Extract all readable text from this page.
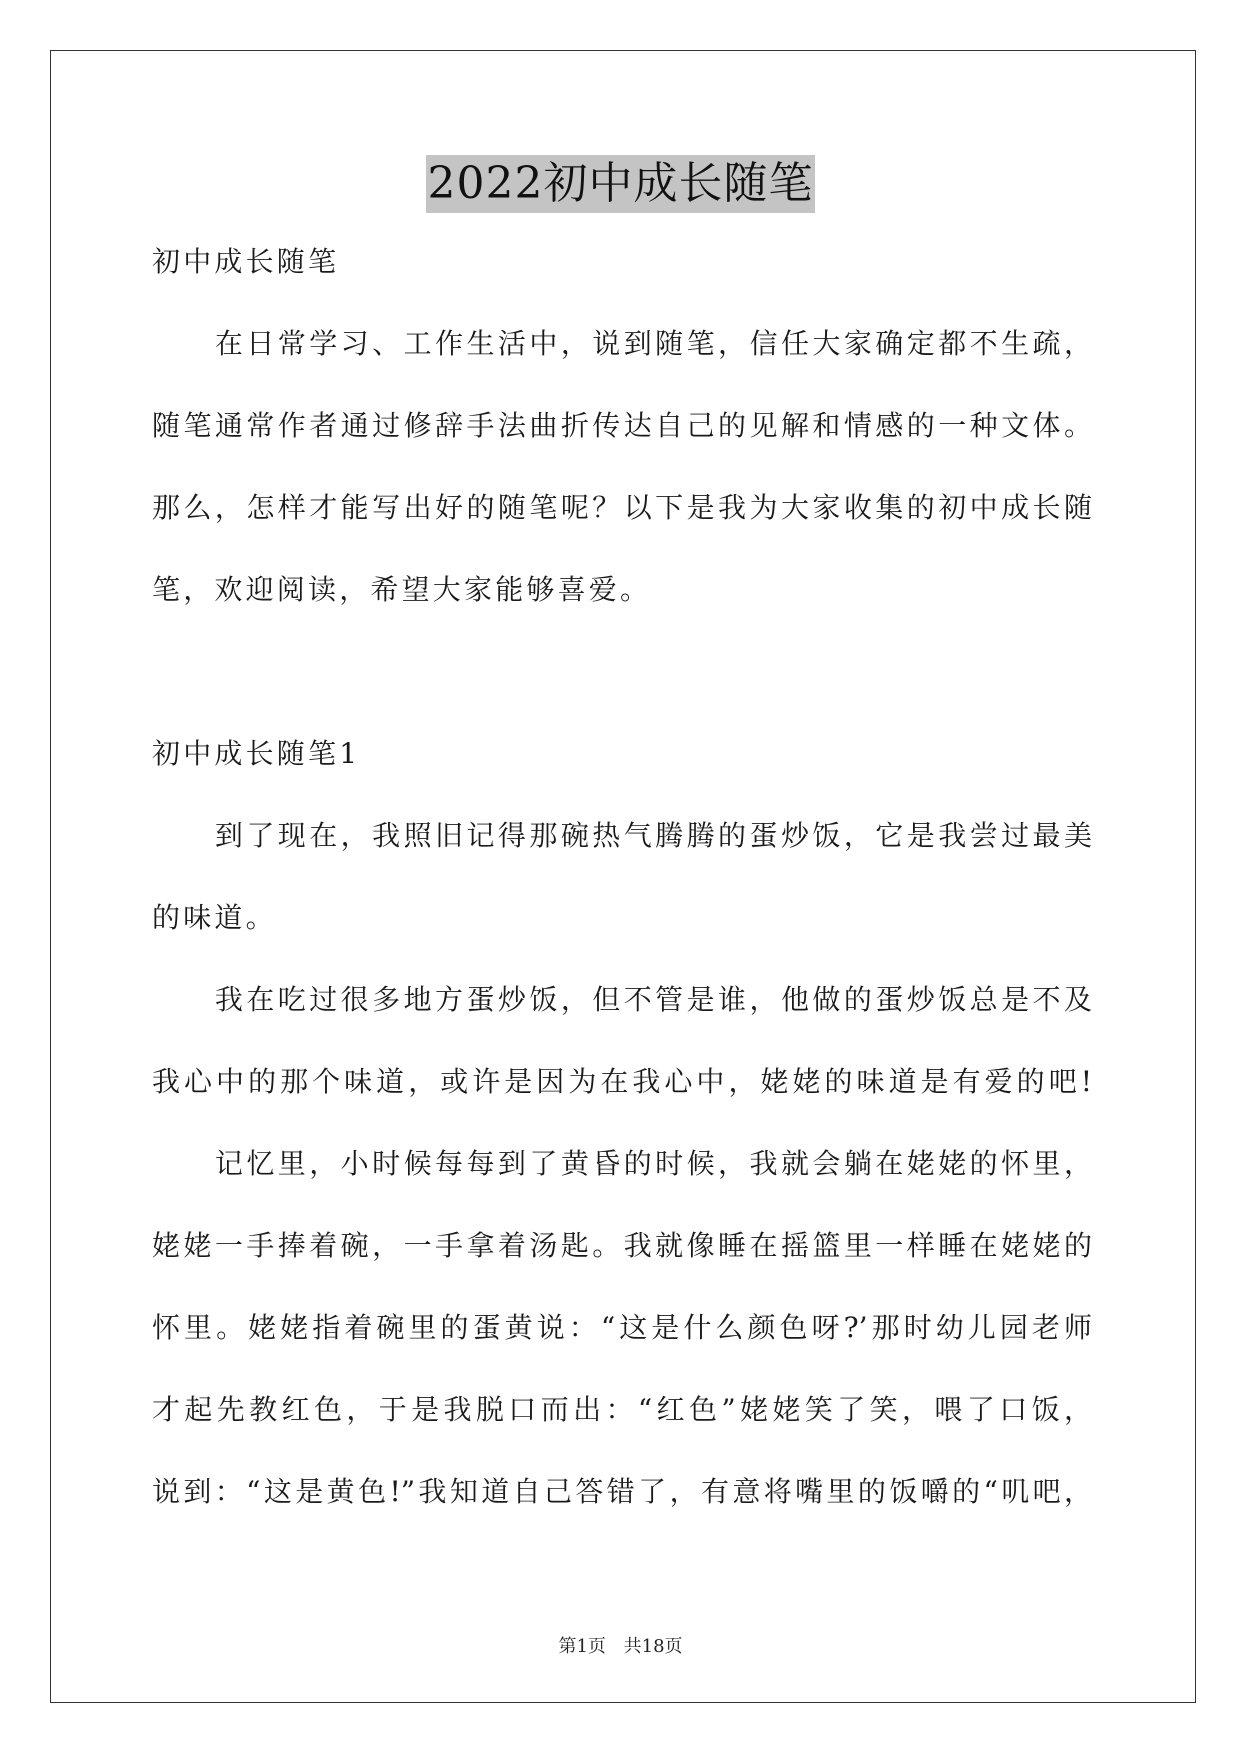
2022初中成长随笔
初中成长随笔
　　在日常学习、工作生活中，说到随笔，信任大家确定都不生疏，
随笔通常作者通过修辞手法曲折传达自己的见解和情感的一种文体。
那么，怎样才能写出好的随笔呢？以下是我为大家收集的初中成长随
笔，欢迎阅读，希望大家能够喜爱。
初中成长随笔1
　　到了现在，我照旧记得那碗热气腾腾的蛋炒饭，它是我尝过最美
的味道。
　　我在吃过很多地方蛋炒饭，但不管是谁，他做的蛋炒饭总是不及
我心中的那个味道，或许是因为在我心中，姥姥的味道是有爱的吧!
　　记忆里，小时候每每到了黄昏的时候，我就会躺在姥姥的怀里，
姥姥一手捧着碗，一手拿着汤匙。我就像睡在摇篮里一样睡在姥姥的
怀里。姥姥指着碗里的蛋黄说：“这是什么颜色呀?’那时幼儿园老师
才起先教红色，于是我脱口而出：“红色”姥姥笑了笑，喂了口饭，
说到：“这是黄色!”我知道自己答错了，有意将嘴里的饭嚼的“叽吧，
第1页 共18页
